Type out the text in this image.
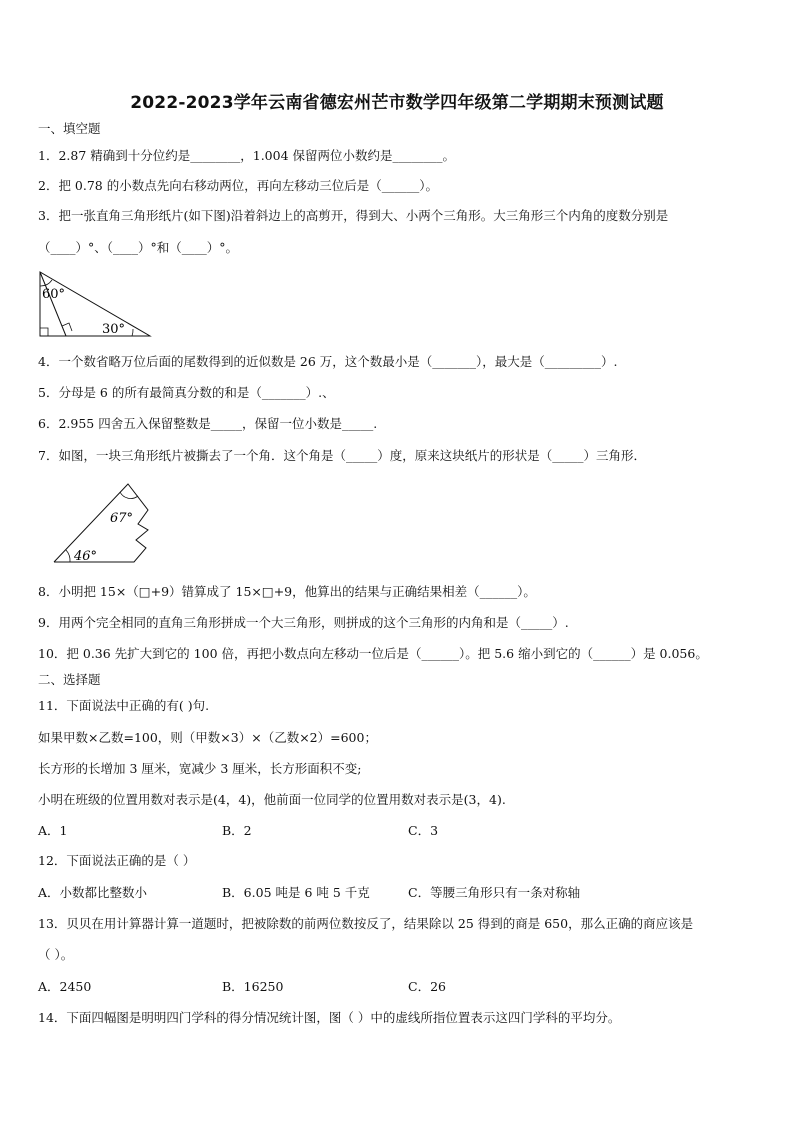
2022-2023学年云南省德宏州芒市数学四年级第二学期期末预测试题
一、填空题
1．2.87 精确到十分位约是________，1.004 保留两位小数约是________。
2．把 0.78 的小数点先向右移动两位，再向左移动三位后是（______）。
3．把一张直角三角形纸片(如下图)沿着斜边上的高剪开，得到大、小两个三角形。大三角形三个内角的度数分别是
（____）°、（____）°和（____）°。
60°
30°
4．一个数省略万位后面的尾数得到的近似数是 26 万，这个数最小是（_______），最大是（_________）.
5．分母是 6 的所有最简真分数的和是（_______）.、
6．2.955 四舍五入保留整数是_____，保留一位小数是_____.
7．如图，一块三角形纸片被撕去了一个角．这个角是（_____）度，原来这块纸片的形状是（_____）三角形．
67°
46°
8．小明把 15×（□+9）错算成了 15×□+9，他算出的结果与正确结果相差（______）。
9．用两个完全相同的直角三角形拼成一个大三角形，则拼成的这个三角形的内角和是（_____）.
10．把 0.36 先扩大到它的 100 倍，再把小数点向左移动一位后是（______）。把 5.6 缩小到它的（______）是 0.056。
二、选择题
11．下面说法中正确的有( )句.
如果甲数×乙数=100，则（甲数×3）×（乙数×2）=600；
长方形的长增加 3 厘米，宽减少 3 厘米，长方形面积不变;
小明在班级的位置用数对表示是(4，4)，他前面一位同学的位置用数对表示是(3，4).
A．1	B．2	C．3
12．下面说法正确的是（ ）
A．小数都比整数小	B．6.05 吨是 6 吨 5 千克	C．等腰三角形只有一条对称轴
13．贝贝在用计算器计算一道题时，把被除数的前两位数按反了，结果除以 25 得到的商是 650，那么正确的商应该是
（ ）。
A．2450	B．16250	C．26
14．下面四幅图是明明四门学科的得分情况统计图，图（ ）中的虚线所指位置表示这四门学科的平均分。
